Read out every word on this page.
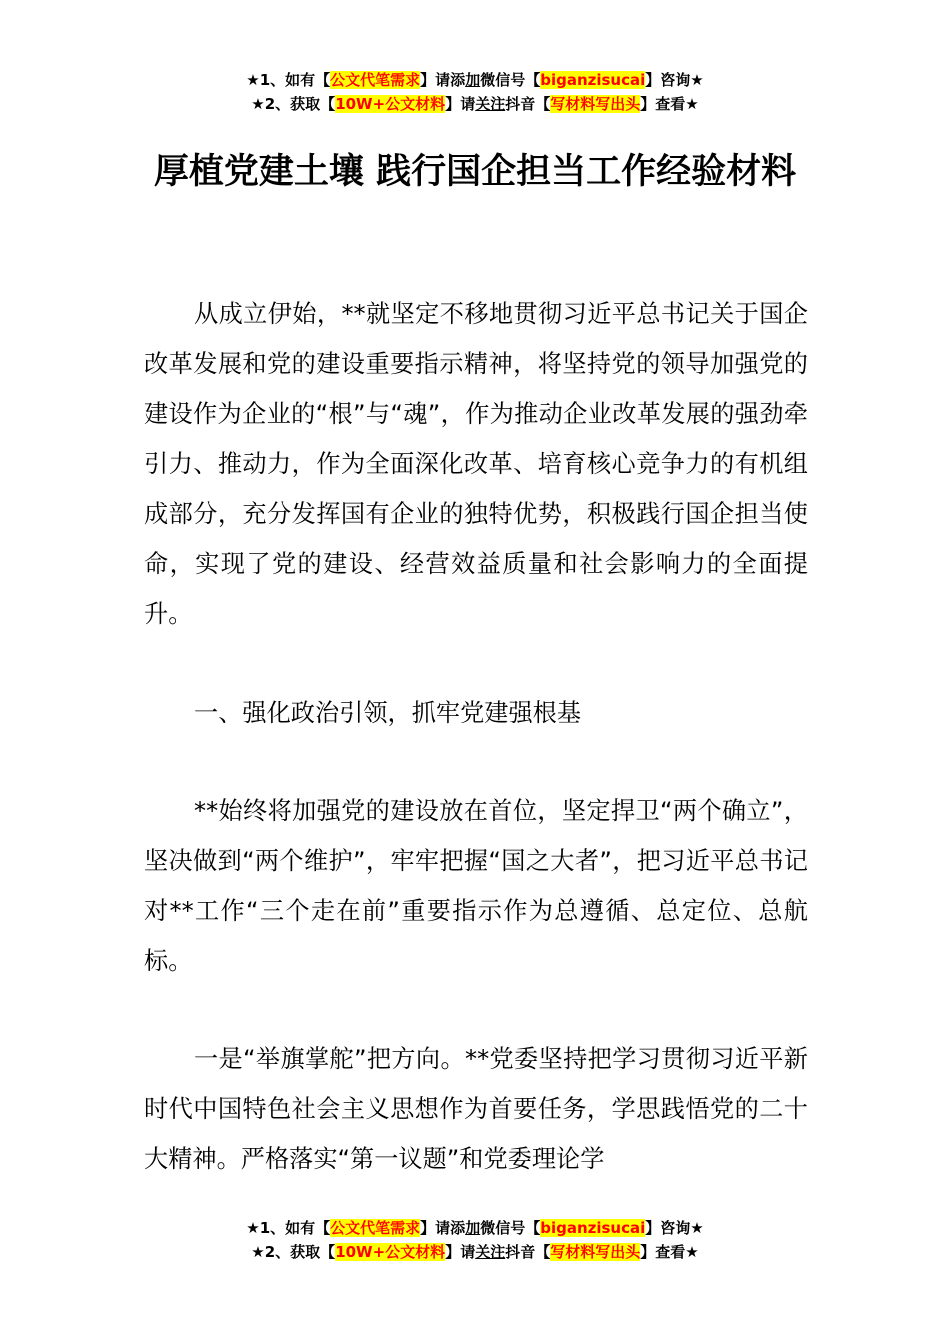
★1、如有【公文代笔需求】请添加微信号【biganzisucai】咨询★
★2、获取【10W+公文材料】请关注抖音【写材料写出头】查看★
厚植党建土壤 践行国企担当工作经验材料

从成立伊始，**就坚定不移地贯彻习近平总书记关于国企改革发展和党的建设重要指示精神，将坚持党的领导加强党的建设作为企业的“根”与“魂”，作为推动企业改革发展的强劲牵引力、推动力，作为全面深化改革、培育核心竞争力的有机组成部分，充分发挥国有企业的独特优势，积极践行国企担当使命，实现了党的建设、经营效益质量和社会影响力的全面提升。

一、强化政治引领，抓牢党建强根基

**始终将加强党的建设放在首位，坚定捍卫“两个确立”，坚决做到“两个维护”，牢牢把握“国之大者”，把习近平总书记对**工作“三个走在前”重要指示作为总遵循、总定位、总航标。

一是“举旗掌舵”把方向。**党委坚持把学习贯彻习近平新时代中国特色社会主义思想作为首要任务，学思践悟党的二十大精神。严格落实“第一议题”和党委理论学

★1、如有【公文代笔需求】请添加微信号【biganzisucai】咨询★
★2、获取【10W+公文材料】请关注抖音【写材料写出头】查看★
